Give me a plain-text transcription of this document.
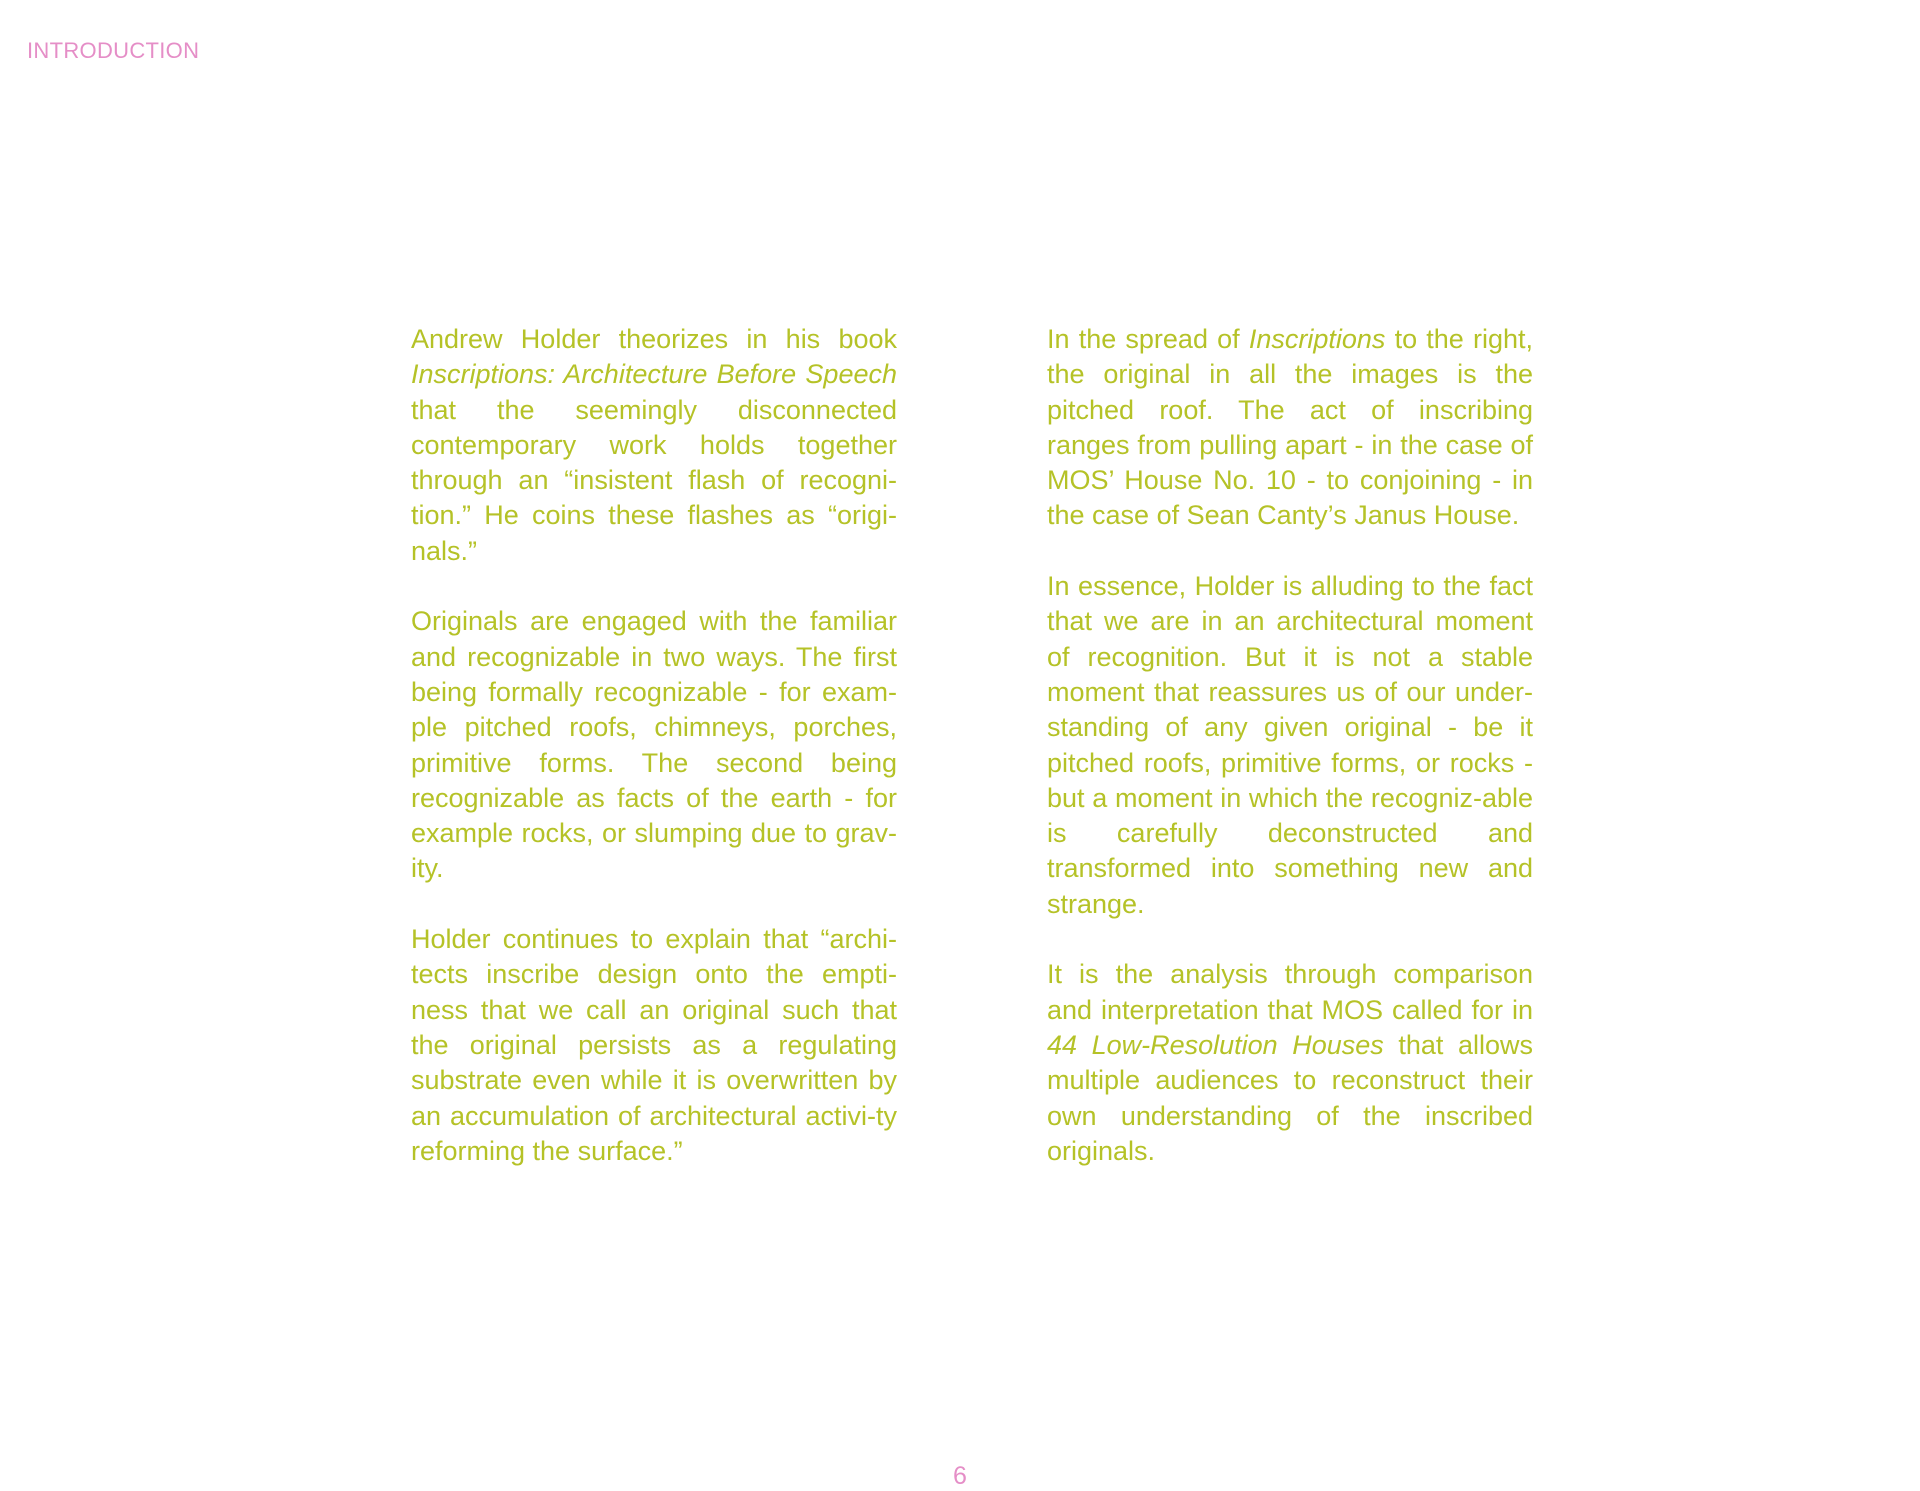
INTRODUCTION

Andrew Holder theorizes in his book Inscriptions: Architecture Before Speech that the seemingly disconnected contemporary work holds together through an “insistent flash of recogni-tion.” He coins these flashes as “origi-nals.”

Originals are engaged with the familiar and recognizable in two ways. The first being formally recognizable - for exam-ple pitched roofs, chimneys, porches, primitive forms. The second being recognizable as facts of the earth - for example rocks, or slumping due to grav-ity.

Holder continues to explain that “archi-tects inscribe design onto the empti-ness that we call an original such that the original persists as a regulating substrate even while it is overwritten by an accumulation of architectural activi-ty reforming the surface.”

In the spread of Inscriptions to the right, the original in all the images is the pitched roof. The act of inscribing ranges from pulling apart - in the case of MOS’ House No. 10 - to conjoining - in the case of Sean Canty’s Janus House.

In essence, Holder is alluding to the fact that we are in an architectural moment of recognition. But it is not a stable moment that reassures us of our under-standing of any given original - be it pitched roofs, primitive forms, or rocks - but a moment in which the recogniz-able is carefully deconstructed and transformed into something new and strange.

It is the analysis through comparison and interpretation that MOS called for in 44 Low-Resolution Houses that allows multiple audiences to reconstruct their own understanding of the inscribed originals.

6
